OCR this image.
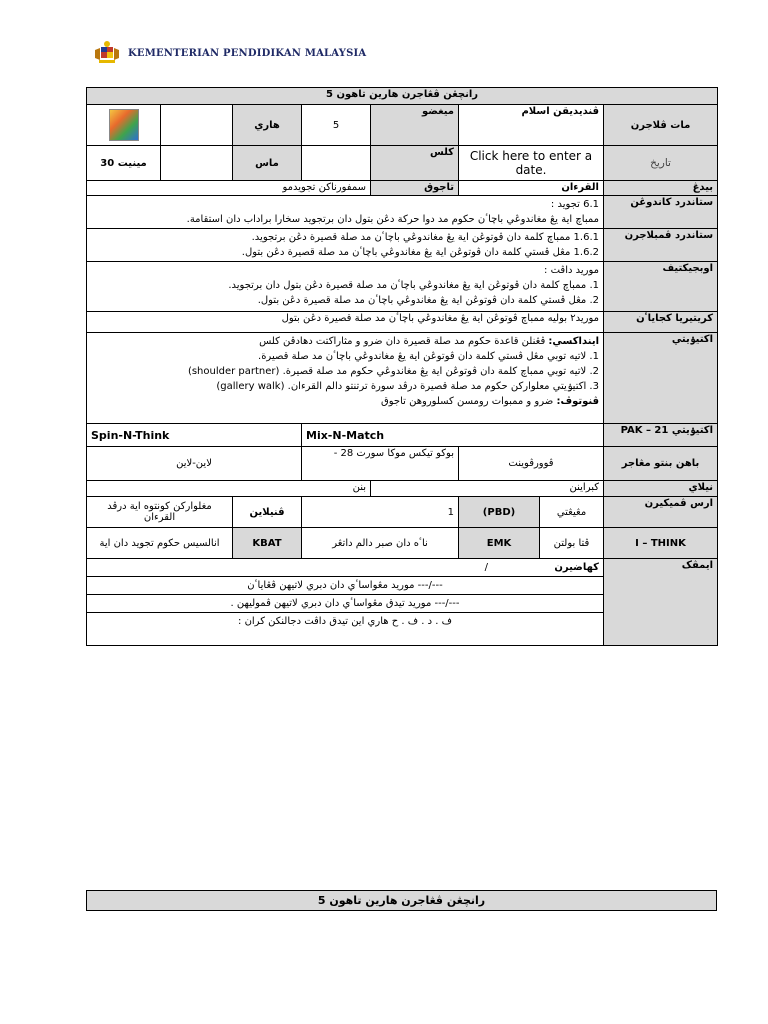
KEMENTERIAN PENDIDIKAN MALAYSIA
رانچڠن ڤڠاجرن هارين تاهون 5							

		هاري	5	ميغضو	ڤنديديقن اسلام		مات ڤلاجرن
مينيت 30		ماس		کلس	Click here to enter a date.		تاريخ
سمفورناکن تجويدمو				تاجوق	القرءان		بيدڠ

6.1 تجويد :
ممباچ اية يڠ مغاندوڠي باچاٴن حکوم مد دوا حرکة دڠن بتول دان برتجويد سخارا براداب دان استقامة.							ستاندرد کاندوڠن

1.6.1 ممباچ کلمة دان ڤوتوڠن اية يڠ مغاندوڠي باچاٴن مد صلة قصيرة دڠن برتجويد.
1.6.2 مڠل ڤستي کلمة دان ڤوتوڠن اية يڠ مغاندوڠي باچاٴن مد صلة قصيرة دڠن بتول.							ستاندرد ڤمبلاجرن

موريد داڤت :
1. ممباچ کلمة دان ڤوتوڠن اية يڠ مغاندوڠي باچاٴن مد صلة قصيرة دڠن بتول دان برتجويد.
2. مڠل ڤستي کلمة دان ڤوتوڠن اية يڠ مغاندوڠي باچاٴن مد صلة قصيرة دڠن بتول.							اوبجيکتيف
موريد٢ بوليه ممباچ ڤوتوڠن اية يڠ مغاندوڠي باچاٴن مد صلة قصيرة دڠن بتول							کريتيريا کجاياٴن

اينداکسي: ڤڠنلن قاعدة حکوم مد صلة قصيرة دان ضرو و مثاراکتت دهادڤن کلس
1. لاتيه توبي مڠل ڤستي کلمة دان ڤوتوڠن اية يڠ مغاندوڠي باچاٴن مد صلة قصيرة.
2. لاتيه توبي ممباچ کلمة دان ڤوتوڠن اية يڠ مغاندوڠي حکوم مد صلة قصيرة. (shoulder partner)
3. اکتيۏيتي معلوارکن حکوم مد صلة قصيرة درڤد سورة ترتنتو دالم القرءان. (gallery walk)
ڤنوتوڤ: ضرو و ممبوات رومسن کسلوروهن تاجوق							اکتيۏيتي
Spin-N-Think			Mix-N-Match				اکتيۏيتي PAK – 21
لاين-لاين			بوکو تيکس موکا سورت 28 -		ڤوورڤوينت		باهن بنتو مڠاجر
بنن				کبراينن			نيلاي
مغلوارکن کونتوه اية درڤد القرءان		ڤنيلاين	1		(PBD)	مڠيڠتي	ارس ڤميکيرن
انالسيس حکوم تجويد دان اية		KBAT	ناٴه دان صبر دالم داتڠر		EMK	ڤتا بولتن	I – THINK

کهاضيرن  /
---/--- موريد مڠواساٴي دان دبري لاتيهن ڤڠاياٴن
---/--- موريد تيدق مڠواساٴي دان دبري لاتيهن ڤموليهن .
ف . د . ف . ح هاري اين تيدق داڤت دجالنکن کران :							ايمڤک
رانچڠن ڤڠاجرن هارين تاهون 5
